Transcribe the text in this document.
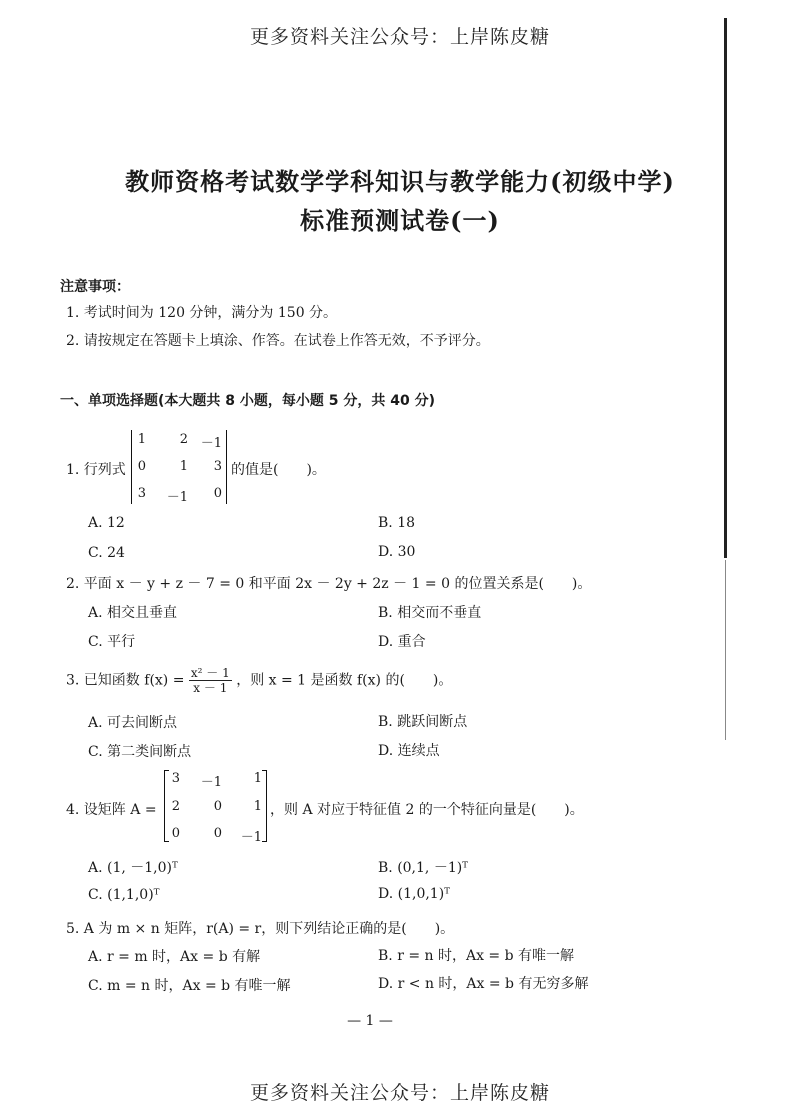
更多资料关注公众号：上岸陈皮糖
教师资格考试数学学科知识与教学能力(初级中学)
标准预测试卷(一)
注意事项：
1. 考试时间为 120 分钟，满分为 150 分。
2. 请按规定在答题卡上填涂、作答。在试卷上作答无效，不予评分。
一、单项选择题(本大题共 8 小题，每小题 5 分，共 40 分)
1. 行列式
1	2 －1
0	1	3
3	－1	0
的值是(　　)。
A. 12	B. 18
C. 24	D. 30
2. 平面 x － y + z － 7 = 0 和平面 2x － 2y + 2z － 1 = 0 的位置关系是(　　)。
A. 相交且垂直	B. 相交而不垂直
C. 平行	D. 重合
3. 已知函数 $f(x) = \frac{\text{x² － 1}}{x - 1}$ ，则 x = 1 是函数 f(x) 的(　　)。
A. 可去间断点	B. 跳跃间断点
C. 第二类间断点	D. 连续点
4. 设矩阵 A =
3	－1	1
2	0	1
0	0	－1
，则 A 对应于特征值 2 的一个特征向量是(　　)。
A. (1, －1,0)ᵀ	B. (0,1, －1)ᵀ
C. (1,1,0)ᵀ	D. (1,0,1)ᵀ
5. A 为 m × n 矩阵，r(A) = r，则下列结论正确的是(　　)。
A. r = m 时，Ax = b 有解	B. r = n 时，Ax = b 有唯一解
C. m = n 时，Ax = b 有唯一解	D. r < n 时，Ax = b 有无穷多解
— 1 —
更多资料关注公众号：上岸陈皮糖
